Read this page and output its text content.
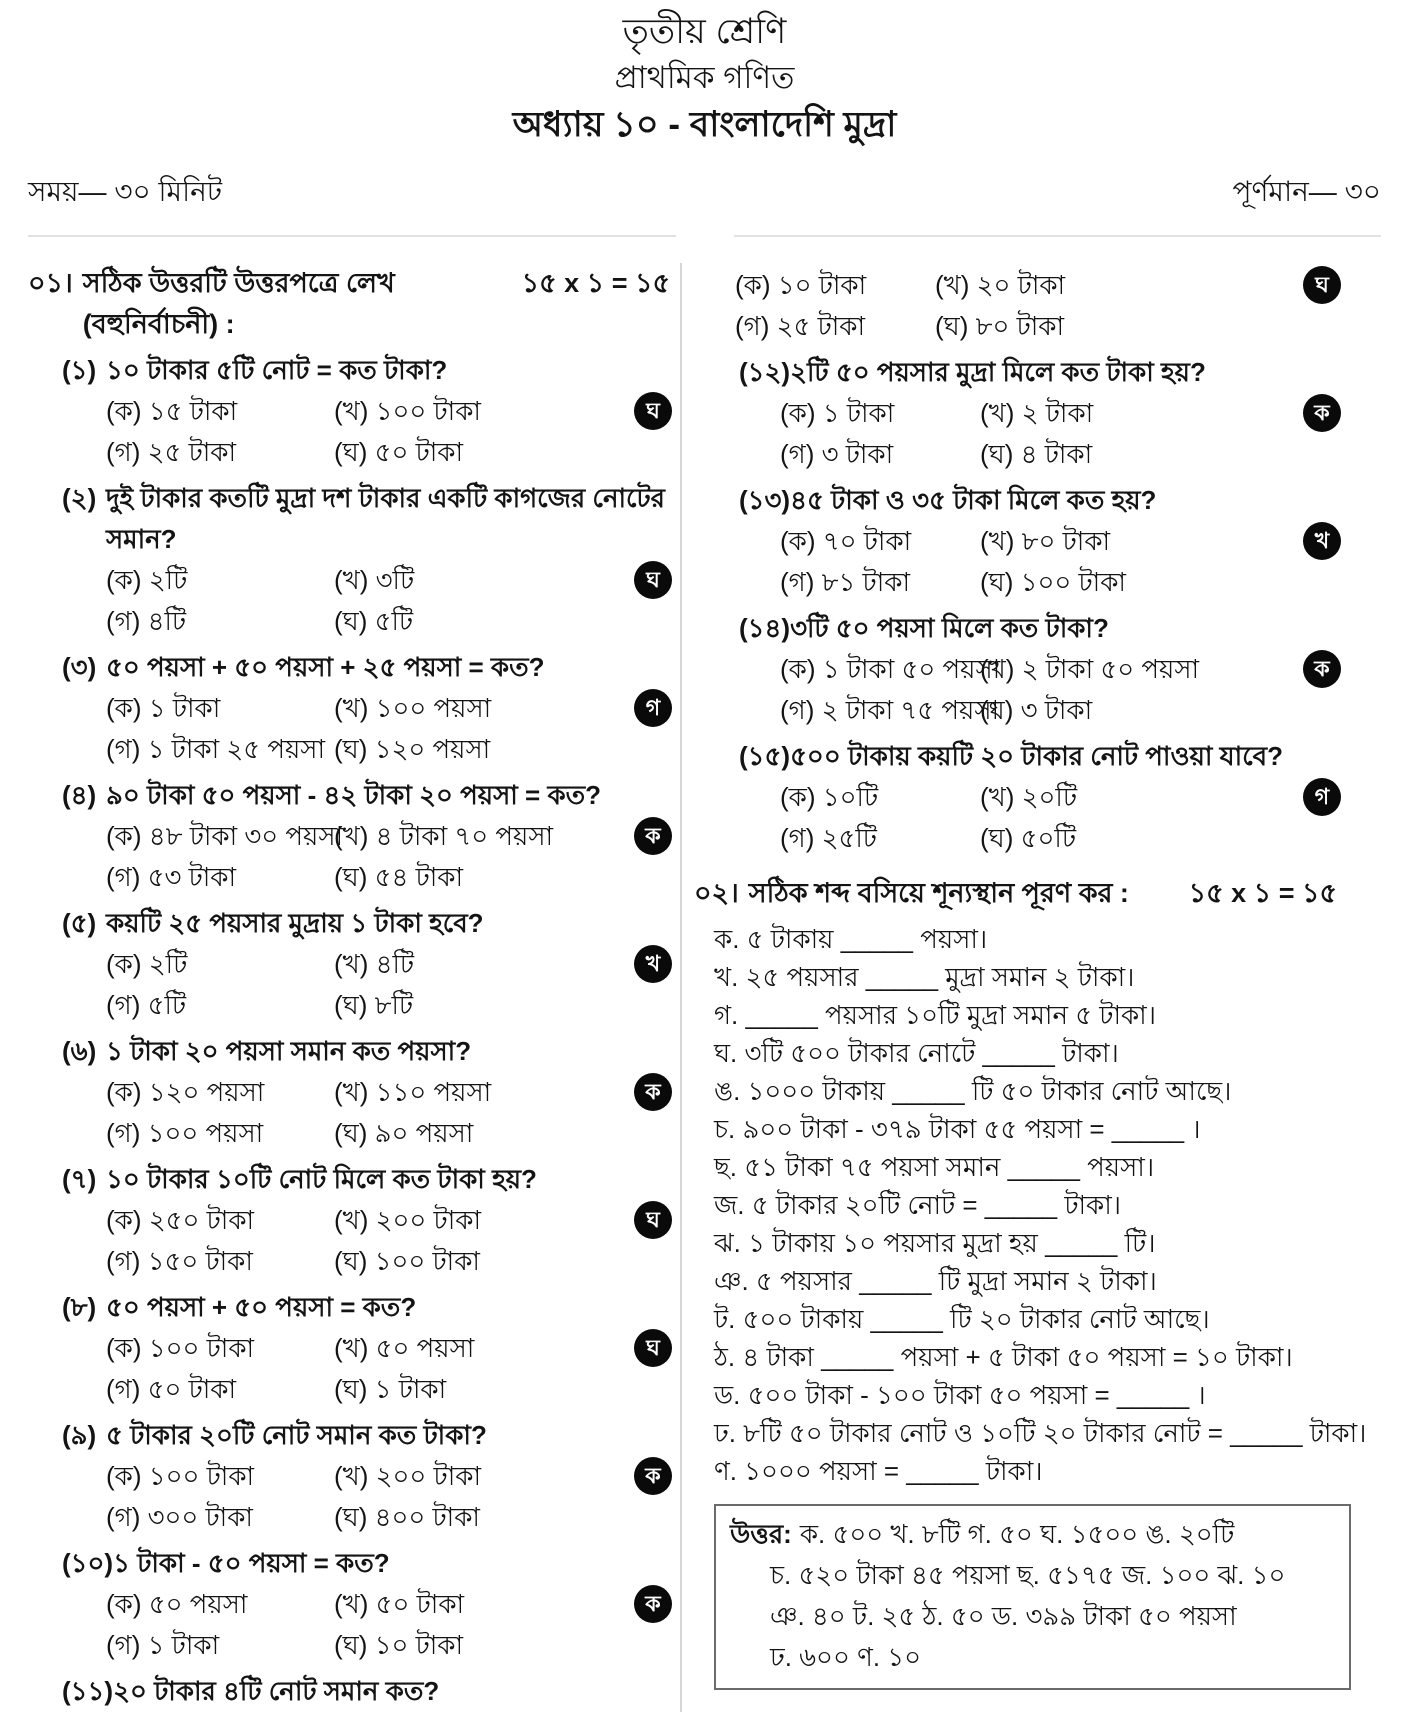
তৃতীয় শ্রেণি
প্রাথমিক গণিত
অধ্যায় ১০ - বাংলাদেশি মুদ্রা
সময়— ৩০ মিনিট	পূর্ণমান— ৩০
০১। সঠিক উত্তরটি উত্তরপত্রে লেখ (বহুনির্বাচনী) :
১৫ x ১ = ১৫
(১) ১০ টাকার ৫টি নোট = কত টাকা?
(ক) ১৫ টাকা	(খ) ১০০ টাকা
(গ) ২৫ টাকা	(ঘ) ৫০ টাকা
ঘ
(২) দুই টাকার কতটি মুদ্রা দশ টাকার একটি কাগজের নোটের সমান?
(ক) ২টি	(খ) ৩টি
(গ) ৪টি	(ঘ) ৫টি
ঘ
(৩) ৫০ পয়সা + ৫০ পয়সা + ২৫ পয়সা = কত?
(ক) ১ টাকা	(খ) ১০০ পয়সা
(গ) ১ টাকা ২৫ পয়সা (ঘ) ১২০ পয়সা
গ
(৪) ৯০ টাকা ৫০ পয়সা - ৪২ টাকা ২০ পয়সা = কত?
(ক) ৪৮ টাকা ৩০ পয়সা
(খ) ৪ টাকা ৭০ পয়সা
(গ) ৫৩ টাকা	(ঘ) ৫৪ টাকা
ক
(৫) কয়টি ২৫ পয়সার মুদ্রায় ১ টাকা হবে?
(ক) ২টি	(খ) ৪টি
(গ) ৫টি	(ঘ) ৮টি
খ
(৬) ১ টাকা ২০ পয়সা সমান কত পয়সা?
(ক) ১২০ পয়সা	(খ) ১১০ পয়সা
(গ) ১০০ পয়সা	(ঘ) ৯০ পয়সা
ক
(৭) ১০ টাকার ১০টি নোট মিলে কত টাকা হয়?
(ক) ২৫০ টাকা	(খ) ২০০ টাকা
(গ) ১৫০ টাকা	(ঘ) ১০০ টাকা
ঘ
(৮) ৫০ পয়সা + ৫০ পয়সা = কত?
(ক) ১০০ টাকা	(খ) ৫০ পয়সা
(গ) ৫০ টাকা	(ঘ) ১ টাকা
ঘ
(৯) ৫ টাকার ২০টি নোট সমান কত টাকা?
(ক) ১০০ টাকা	(খ) ২০০ টাকা
(গ) ৩০০ টাকা	(ঘ) ৪০০ টাকা
ক
(১০) ১ টাকা - ৫০ পয়সা = কত?
(ক) ৫০ পয়সা	(খ) ৫০ টাকা
(গ) ১ টাকা	(ঘ) ১০ টাকা
ক
(১১) ২০ টাকার ৪টি নোট সমান কত?
(ক) ১০ টাকা	(খ) ২০ টাকা
(গ) ২৫ টাকা	(ঘ) ৮০ টাকা
ঘ
(১২) ২টি ৫০ পয়সার মুদ্রা মিলে কত টাকা হয়?
(ক) ১ টাকা	(খ) ২ টাকা
(গ) ৩ টাকা	(ঘ) ৪ টাকা
ক
(১৩) ৪৫ টাকা ও ৩৫ টাকা মিলে কত হয়?
(ক) ৭০ টাকা	(খ) ৮০ টাকা
(গ) ৮১ টাকা	(ঘ) ১০০ টাকা
খ
(১৪) ৩টি ৫০ পয়সা মিলে কত টাকা?
(ক) ১ টাকা ৫০ পয়সা
(খ) ২ টাকা ৫০ পয়সা
(গ) ২ টাকা ৭৫ পয়সা
(ঘ) ৩ টাকা
ক
(১৫) ৫০০ টাকায় কয়টি ২০ টাকার নোট পাওয়া যাবে?
(ক) ১০টি	(খ) ২০টি
(গ) ২৫টি	(ঘ) ৫০টি
গ
০২। সঠিক শব্দ বসিয়ে শূন্যস্থান পূরণ কর :	১৫ x ১ = ১৫
ক. ৫ টাকায় _____ পয়সা।
খ. ২৫ পয়সার _____ মুদ্রা সমান ২ টাকা।
গ. _____ পয়সার ১০টি মুদ্রা সমান ৫ টাকা।
ঘ. ৩টি ৫০০ টাকার নোটে _____ টাকা।
ঙ. ১০০০ টাকায় _____ টি ৫০ টাকার নোট আছে।
চ. ৯০০ টাকা - ৩৭৯ টাকা ৫৫ পয়সা = _____ ।
ছ. ৫১ টাকা ৭৫ পয়সা সমান _____ পয়সা।
জ. ৫ টাকার ২০টি নোট = _____ টাকা।
ঝ. ১ টাকায় ১০ পয়সার মুদ্রা হয় _____ টি।
ঞ. ৫ পয়সার _____ টি মুদ্রা সমান ২ টাকা।
ট. ৫০০ টাকায় _____ টি ২০ টাকার নোট আছে।
ঠ. ৪ টাকা _____ পয়সা + ৫ টাকা ৫০ পয়সা = ১০ টাকা।
ড. ৫০০ টাকা - ১০০ টাকা ৫০ পয়সা = _____ ।
ঢ. ৮টি ৫০ টাকার নোট ও ১০টি ২০ টাকার নোট = _____ টাকা।
ণ. ১০০০ পয়সা = _____ টাকা।
উত্তর: ক. ৫০০ খ. ৮টি গ. ৫০ ঘ. ১৫০০ ঙ. ২০টি
চ. ৫২০ টাকা ৪৫ পয়সা ছ. ৫১৭৫ জ. ১০০ ঝ. ১০
ঞ. ৪০ ট. ২৫ ঠ. ৫০ ড. ৩৯৯ টাকা ৫০ পয়সা
ঢ. ৬০০ ণ. ১০
